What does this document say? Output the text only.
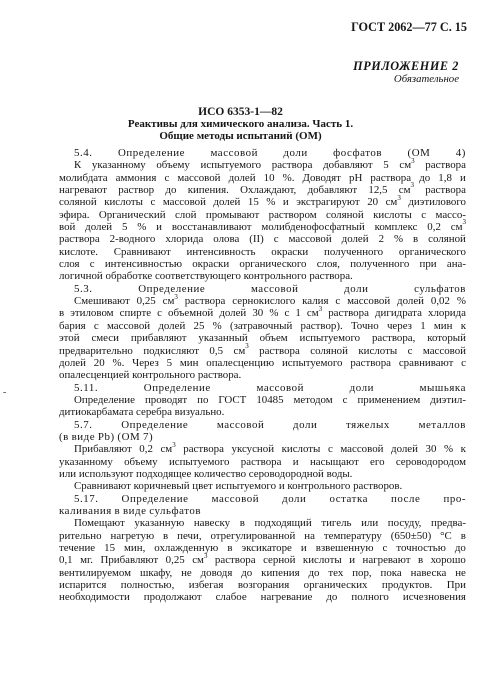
ГОСТ 2062—77 С. 15
ПРИЛОЖЕНИЕ 2
Обязательное
ИСО 6353-1—82
Реактивы для химического анализа. Часть 1.
Общие методы испытаний (ОМ)
5.4. Определение массовой доли фосфатов (ОМ 4)
К указанному объему испытуемого раствора добавляют 5 $см^3$ раствора
молибдата аммония с массовой долей 10 %. Доводят pH раствора до 1,8 и
нагревают раствор до кипения. Охлаждают, добавляют 12,5 $см^3$ раствора
соляной кислоты с массовой долей 15 % и экстрагируют 20 $см^3$ диэтилового
эфира. Органический слой промывают раствором соляной кислоты с массо-
вой долей 5 % и восстанавливают молибденофосфатный комплекс 0,2 $см^3$
раствора 2-водного хлорида олова (II) с массовой долей 2 % в соляной
кислоте. Сравнивают интенсивность окраски полученного органического
слоя с интенсивностью окраски органического слоя, полученного при ана-
логичной обработке соответствующего контрольного раствора.
5.3.	Определение	массовой	доли	сульфатов
Смешивают 0,25 $см^3$ раствора сернокислого калия с массовой долей 0,02 %
в этиловом спирте с объемной долей 30 % с 1 $см^3$ раствора дигидрата хлорида
бария с массовой долей 25 % (затравочный раствор). Точно через 1 мин к
этой смеси прибавляют указанный объем испытуемого раствора, который
предварительно подкисляют 0,5 $см^3$ раствора соляной кислоты с массовой
долей 20 %. Через 5 мин опалесценцию испытуемого раствора сравнивают с
опалесценцией контрольного раствора.
5.11.	Определение	массовой	доли	мышьяка
Определение проводят по ГОСТ 10485 методом с применением диэтил-
дитиокарбамата серебра визуально.
5.7.	Определение	массовой	доли	тяжелых	металлов
(в виде Pb) (ОМ 7)
Прибавляют 0,2 $см^3$ раствора уксусной кислоты с массовой долей 30 % к
указанному объему испытуемого раствора и насыщают его сероводородом
или используют подходящее количество сероводородной воды.
Сравнивают коричневый цвет испытуемого и контрольного растворов.
5.17. Определение массовой доли остатка после про-
каливания в виде сульфатов
Помещают указанную навеску в подходящий тигель или посуду, предва-
рительно нагретую в печи, отрегулированной на температуру (650±50) °С в
течение 15 мин, охлажденную в эксикаторе и взвешенную с точностью до
0,1 мг. Прибавляют 0,25 $см^3$ раствора серной кислоты и нагревают в хорошо
вентилируемом шкафу, не доводя до кипения до тех пор, пока навеска не
испарится полностью, избегая возгорания органических продуктов. При
необходимости продолжают слабое нагревание до полного исчезновения
-
